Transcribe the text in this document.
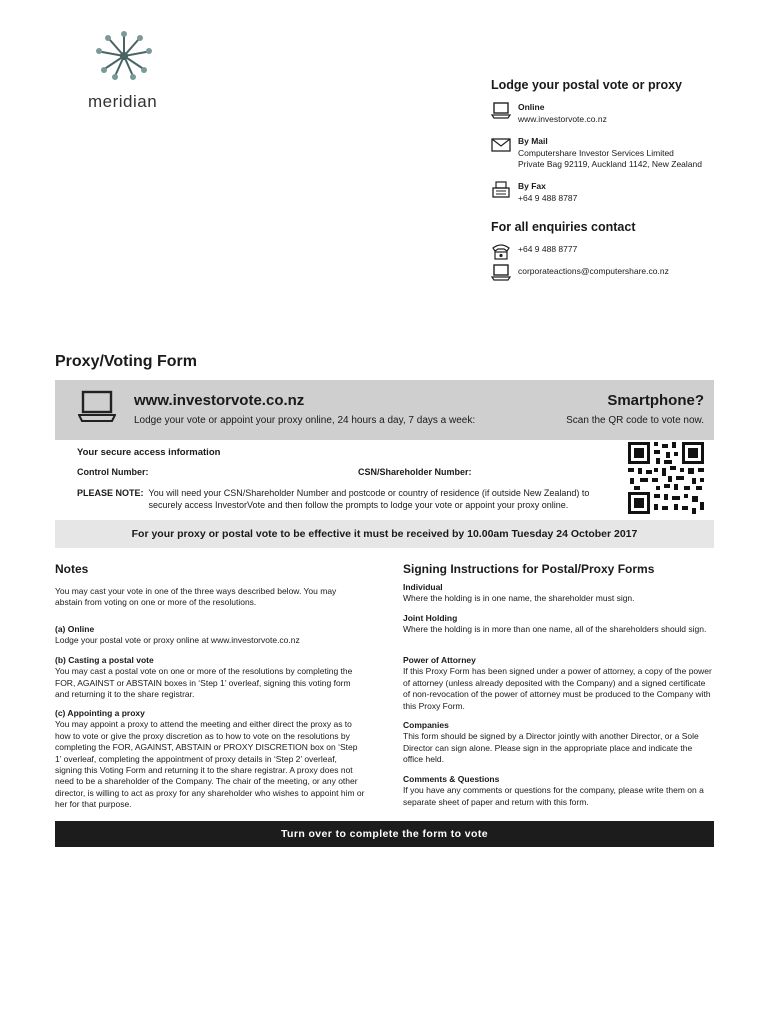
meridian
Lodge your postal vote or proxy
Online
www.investorvote.co.nz
By Mail
Computershare Investor Services Limited
Private Bag 92119, Auckland 1142, New Zealand
By Fax
+64 9 488 8787
For all enquiries contact
+64 9 488 8777
corporateactions@computershare.co.nz
Proxy/Voting Form
www.investorvote.co.nz
Lodge your vote or appoint your proxy online, 24 hours a day, 7 days a week:
Smartphone?
Scan the QR code to vote now.
Your secure access information
Control Number:	CSN/Shareholder Number:
PLEASE NOTE: You will need your CSN/Shareholder Number and postcode or country of residence (if outside New Zealand) to securely access InvestorVote and then follow the prompts to lodge your vote or appoint your proxy online.
For your proxy or postal vote to be effective it must be received by 10.00am Tuesday 24 October 2017
Notes
You may cast your vote in one of the three ways described below. You may abstain from voting on one or more of the resolutions.
(a) Online
Lodge your postal vote or proxy online at www.investorvote.co.nz
(b) Casting a postal vote
You may cast a postal vote on one or more of the resolutions by completing the FOR, AGAINST or ABSTAIN boxes in ‘Step 1’ overleaf, signing this voting form and returning it to the share registrar.
(c) Appointing a proxy
You may appoint a proxy to attend the meeting and either direct the proxy as to how to vote or give the proxy discretion as to how to vote on the resolutions by completing the FOR, AGAINST, ABSTAIN or PROXY DISCRETION box on ‘Step 1’ overleaf, completing the appointment of proxy details in ‘Step 2’ overleaf, signing this Voting Form and returning it to the share registrar. A proxy does not need to be a shareholder of the Company. The chair of the meeting, or any other director, is willing to act as proxy for any shareholder who wishes to appoint him or her for that purpose.
Signing Instructions for Postal/Proxy Forms
Individual
Where the holding is in one name, the shareholder must sign.
Joint Holding
Where the holding is in more than one name, all of the shareholders should sign.
Power of Attorney
If this Proxy Form has been signed under a power of attorney, a copy of the power of attorney (unless already deposited with the Company) and a signed certificate of non-revocation of the power of attorney must be produced to the Company with this Proxy Form.
Companies
This form should be signed by a Director jointly with another Director, or a Sole Director can sign alone. Please sign in the appropriate place and indicate the office held.
Comments & Questions
If you have any comments or questions for the company, please write them on a separate sheet of paper and return with this form.
Turn over to complete the form to vote
